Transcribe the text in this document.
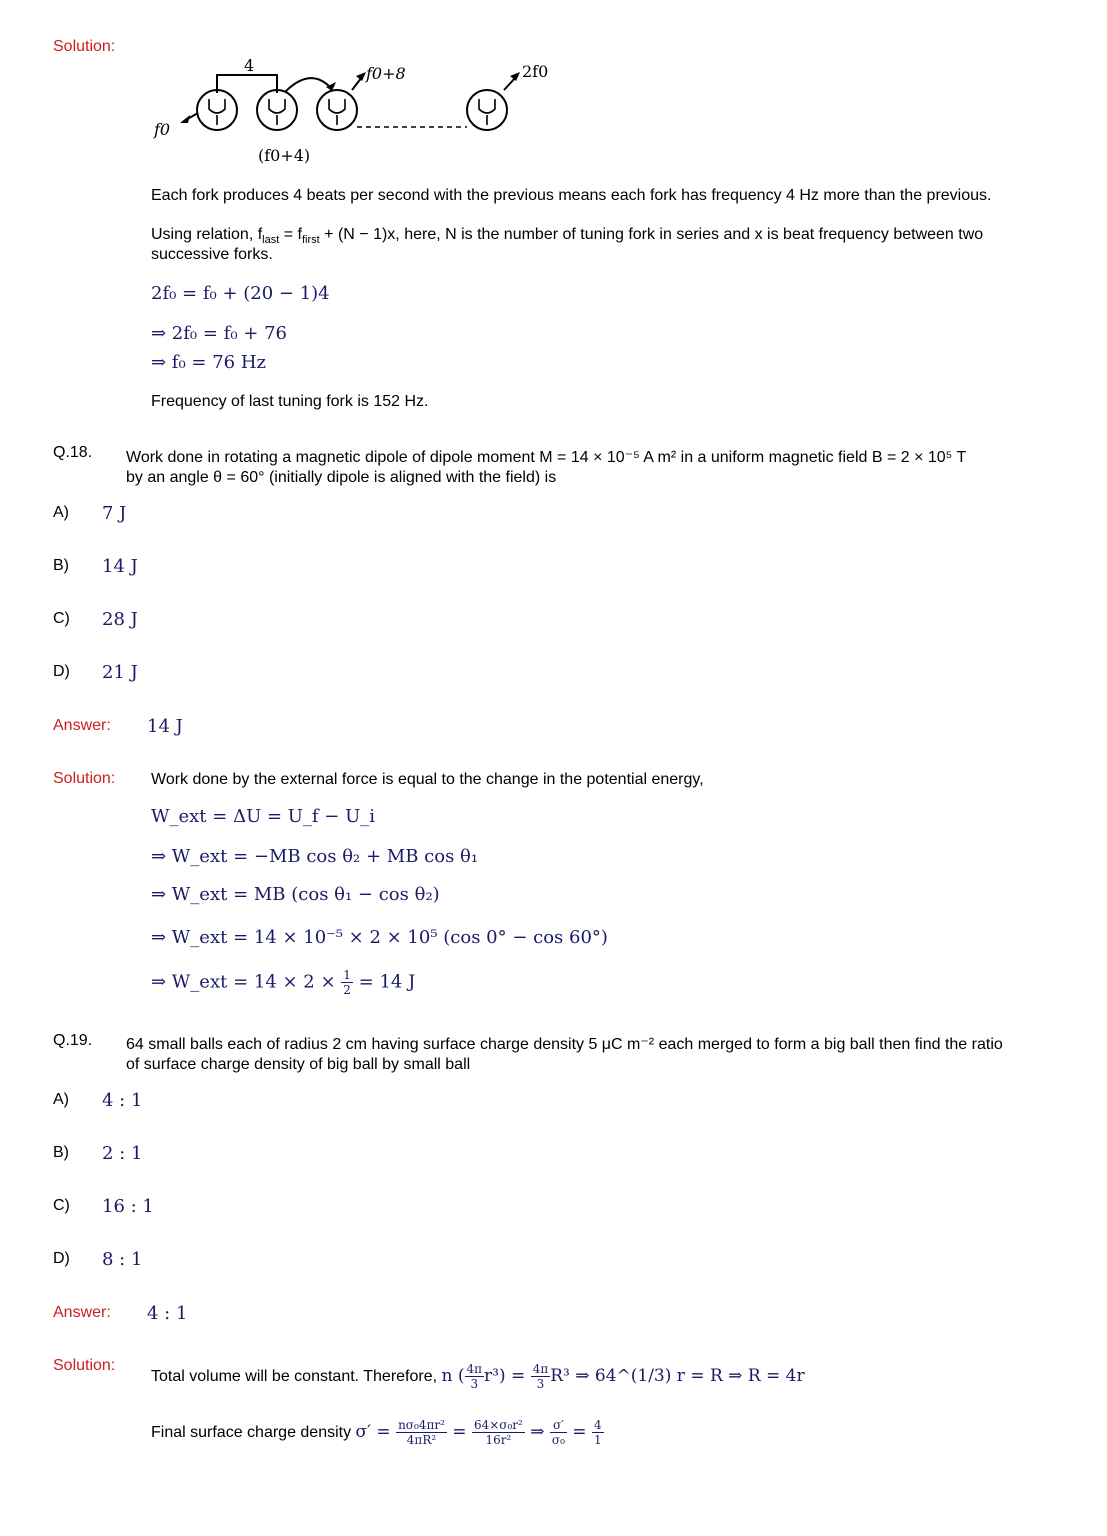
Solution:
4
f0
f0+8	2f0
(f0+4)
Each fork produces 4 beats per second with the previous means each fork has frequency 4 Hz more than the previous.
Using relation, $f_{last} = f_{first} + (N - 1)x$, here, N is the number of tuning fork in series and x is beat frequency between two
successive forks.
2f₀ = f₀ + (20 − 1)4
⇒ 2f₀ = f₀ + 76
⇒ f₀ = 76 Hz
Frequency of last tuning fork is 152 Hz.
Q.18. Work done in rotating a magnetic dipole of dipole moment M = 14 × 10⁻⁵ A m² in a uniform magnetic field B = 2 × 10⁵ T
by an angle θ = 60° (initially dipole is aligned with the field) is
A) 7 J
B) 14 J
C) 28 J
D) 21 J
Answer: 14 J
Solution: Work done by the external force is equal to the change in the potential energy,
W_ext = ΔU = U_f − U_i
⇒ W_ext = −MB cos θ₂ + MB cos θ₁
⇒ W_ext = MB (cos θ₁ − cos θ₂)
⇒ W_ext = 14 × 10⁻⁵ × 2 × 10⁵ (cos 0° − cos 60°)
⇒ W_ext = $14 \times 2 \times \frac{1}{2} = 14$ J
Q.19. 64 small balls each of radius 2 cm having surface charge density 5 μC m⁻² each merged to form a big ball then find the ratio
of surface charge density of big ball by small ball
A) 4 : 1
B) 2 : 1
C) 16 : 1
D) 8 : 1
Answer: 4 : 1
Solution:
Total volume will be constant. Therefore, n ( $\frac{4\pi}{3} r^3) = \frac{4\pi}{3} R^3$ ⇒ 64^(1/3) r = R ⇒ R = 4r
Final surface charge density $\sigma' = \frac{\text{nσ₀4πr²}}{\text{4πR²}} = \frac{\text{64×σ₀r²}}{\text{16r²}}$ ⇒ $\frac{\sigma'}{\text{σ₀}} = \frac{4}{1}$
